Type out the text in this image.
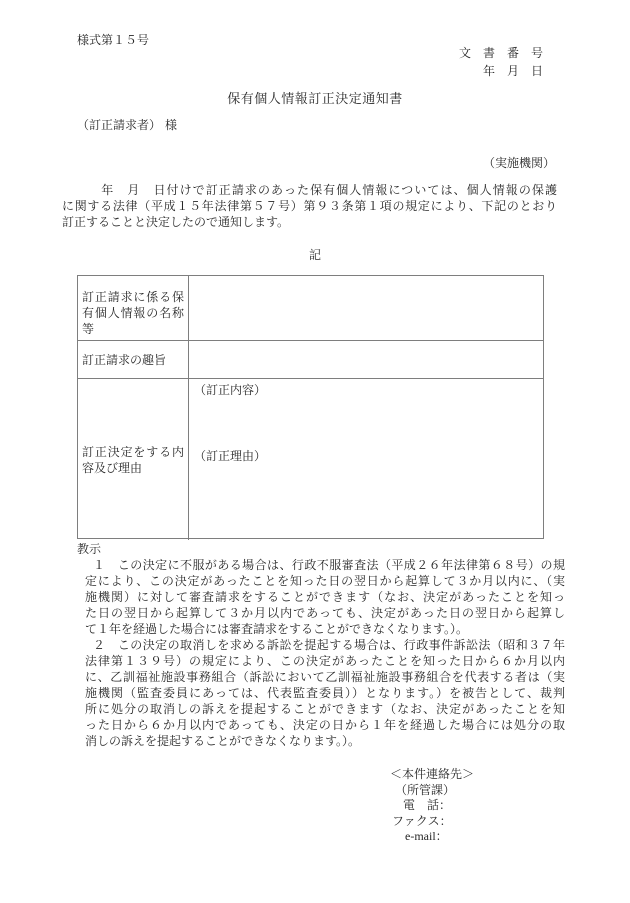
様式第１５号
文　書　番　号
年　月　日
保有個人情報訂正決定通知書
（訂正請求者） 様
（実施機関）
　　　年　月　日付けで訂正請求のあった保有個人情報については、個人情報の保護
に関する法律（平成１５年法律第５７号）第９３条第１項の規定により、下記のとおり
訂正することと決定したので通知します。
記
訂正請求に係る保
有個人情報の名称
等
訂正請求の趣旨
訂正決定をする内
容及び理由
（訂正内容）
（訂正理由）
教示
１　この決定に不服がある場合は、行政不服審査法（平成２６年法律第６８号）の規
定により、この決定があったことを知った日の翌日から起算して３か月以内に、（実
施機関）に対して審査請求をすることができます（なお、決定があったことを知っ
た日の翌日から起算して３か月以内であっても、決定があった日の翌日から起算し
て１年を経過した場合には審査請求をすることができなくなります。）。
２　この決定の取消しを求める訴訟を提起する場合は、行政事件訴訟法（昭和３７年
法律第１３９号）の規定により、この決定があったことを知った日から６か月以内
に、乙訓福祉施設事務組合（訴訟において乙訓福祉施設事務組合を代表する者は（実
施機関（監査委員にあっては、代表監査委員））となります。）を被告として、裁判
所に処分の取消しの訴えを提起することができます（なお、決定があったことを知
った日から６か月以内であっても、決定の日から１年を経過した場合には処分の取
消しの訴えを提起することができなくなります。）。
＜本件連絡先＞
（所管課）
電　話：
ファクス：
e-mail：
